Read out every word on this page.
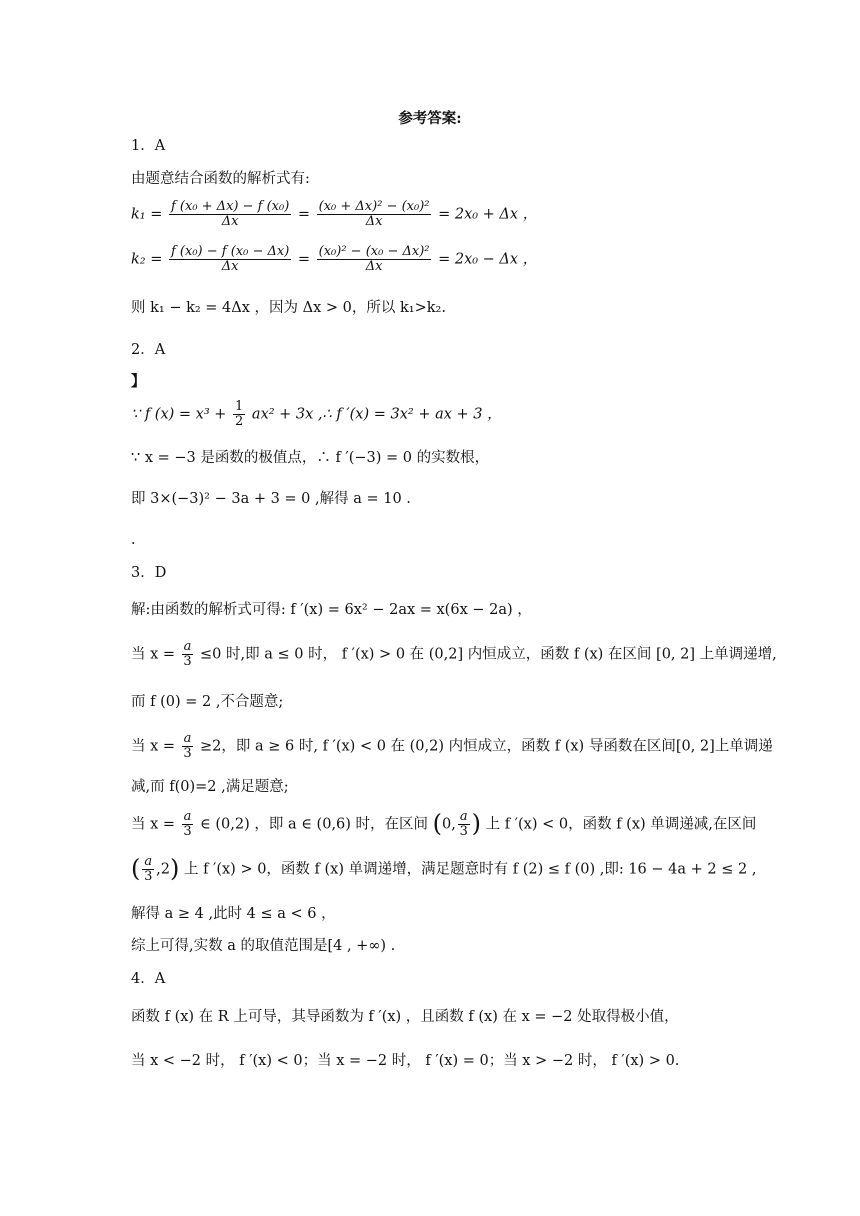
参考答案:
1．A
由题意结合函数的解析式有:
$k_1 = \frac{\text{f (x₀ + Δx) − f (x₀)}}{\Delta x} = \frac{\text{(x₀ + Δx)² − (x₀)²}}{\Delta x} = 2x_0 + \Delta x$ ，
$k_2 = \frac{\text{f (x₀) − f (x₀ − Δx)}}{\Delta x} = \frac{\text{(x₀)² − (x₀ − Δx)²}}{\Delta x} = 2x_0 - \Delta x$ ，
则 k₁ − k₂ = 4Δx ，因为 Δx > 0，所以 k₁>k₂.
2．A
】
∵ f $(x) = x^3 + \frac{1}{2} ax^2 + 3x$ ,∴ f ′(x) = 3x² + ax + 3 ，
∵ x = −3 是函数的极值点，∴ f ′(−3) = 0 的实数根，
即 3×(−3)² − 3a + 3 = 0 ,解得 a = 10 .
.
3．D
解:由函数的解析式可得: f ′(x) = 6x² − 2ax = x(6x − 2a) ，
当 $x = \frac{a}{3} \le 0$ 时,即 a ≤ 0 时， f ′(x) > 0 在 (0,2] 内恒成立，函数 f (x) 在区间 [0, 2] 上单调递增,
而 f (0) = 2 ,不合题意;
当 $x = \frac{a}{3} \ge 2$，即 a ≥ 6 时, f ′(x) < 0 在 (0,2) 内恒成立，函数 f (x) 导函数在区间[0, 2]上单调递
减,而 f(0)=2 ,满足题意;
当 $x = \frac{a}{3}$ ∈ (0,2) ，即 a ∈ (0,6) 时，在区间 (0, $\frac{a}{3}$ ) 上 f ′(x) < 0，函数 f (x) 单调递减,在区间
( $\frac{a}{3} ,2$) 上 f ′(x) > 0，函数 f (x) 单调递增，满足题意时有 f (2) ≤ f (0) ,即: 16 − 4a + 2 ≤ 2 ,
解得 a ≥ 4 ,此时 4 ≤ a < 6 ，
综上可得,实数 a 的取值范围是[4 , +∞) .
4．A
函数 f (x) 在 R 上可导，其导函数为 f ′(x) ，且函数 f (x) 在 x = −2 处取得极小值，
当 x < −2 时， f ′(x) < 0；当 x = −2 时， f ′(x) = 0；当 x > −2 时， f ′(x) > 0.
